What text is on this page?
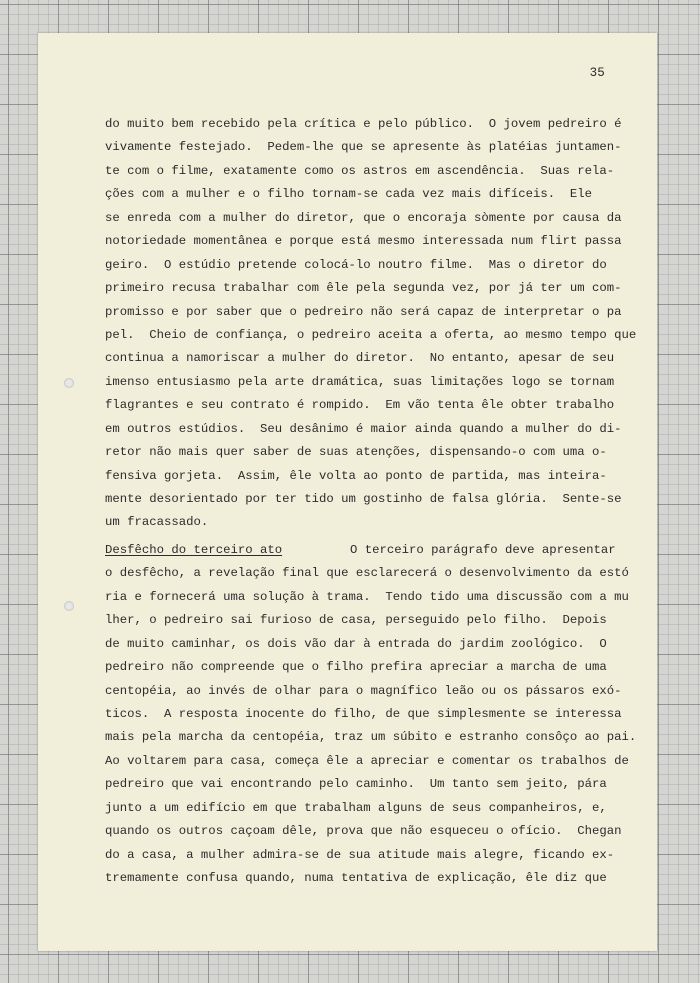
35
do muito bem recebido pela crítica e pelo público.  O jovem pedreiro é
vivamente festejado.  Pedem-lhe que se apresente às platéias juntamen-
te com o filme, exatamente como os astros em ascendência.  Suas rela-
ções com a mulher e o filho tornam-se cada vez mais difíceis.  Ele
se enreda com a mulher do diretor, que o encoraja sòmente por causa da
notoriedade momentânea e porque está mesmo interessada num flirt passa
geiro.  O estúdio pretende colocá-lo noutro filme.  Mas o diretor do
primeiro recusa trabalhar com êle pela segunda vez, por já ter um com-
promisso e por saber que o pedreiro não será capaz de interpretar o pa
pel.  Cheio de confiança, o pedreiro aceita a oferta, ao mesmo tempo que
continua a namoriscar a mulher do diretor.  No entanto, apesar de seu
imenso entusiasmo pela arte dramática, suas limitações logo se tornam
flagrantes e seu contrato é rompido.  Em vão tenta êle obter trabalho
em outros estúdios.  Seu desânimo é maior ainda quando a mulher do di-
retor não mais quer saber de suas atenções, dispensando-o com uma o-
fensiva gorjeta.  Assim, êle volta ao ponto de partida, mas inteira-
mente desorientado por ter tido um gostinho de falsa glória.  Sente-se
um fracassado.
Desfêcho do terceiro ato	O terceiro parágrafo deve apresentar
o desfêcho, a revelação final que esclarecerá o desenvolvimento da estó
ria e fornecerá uma solução à trama.  Tendo tido uma discussão com a mu
lher, o pedreiro sai furioso de casa, perseguido pelo filho.  Depois
de muito caminhar, os dois vão dar à entrada do jardim zoológico.  O
pedreiro não compreende que o filho prefira apreciar a marcha de uma
centopéia, ao invés de olhar para o magnífico leão ou os pássaros exó-
ticos.  A resposta inocente do filho, de que simplesmente se interessa
mais pela marcha da centopéia, traz um súbito e estranho consôço ao pai.
Ao voltarem para casa, começa êle a apreciar e comentar os trabalhos de
pedreiro que vai encontrando pelo caminho.  Um tanto sem jeito, pára
junto a um edifício em que trabalham alguns de seus companheiros, e,
quando os outros caçoam dêle, prova que não esqueceu o ofício.  Chegan
do a casa, a mulher admira-se de sua atitude mais alegre, ficando ex-
tremamente confusa quando, numa tentativa de explicação, êle diz que
